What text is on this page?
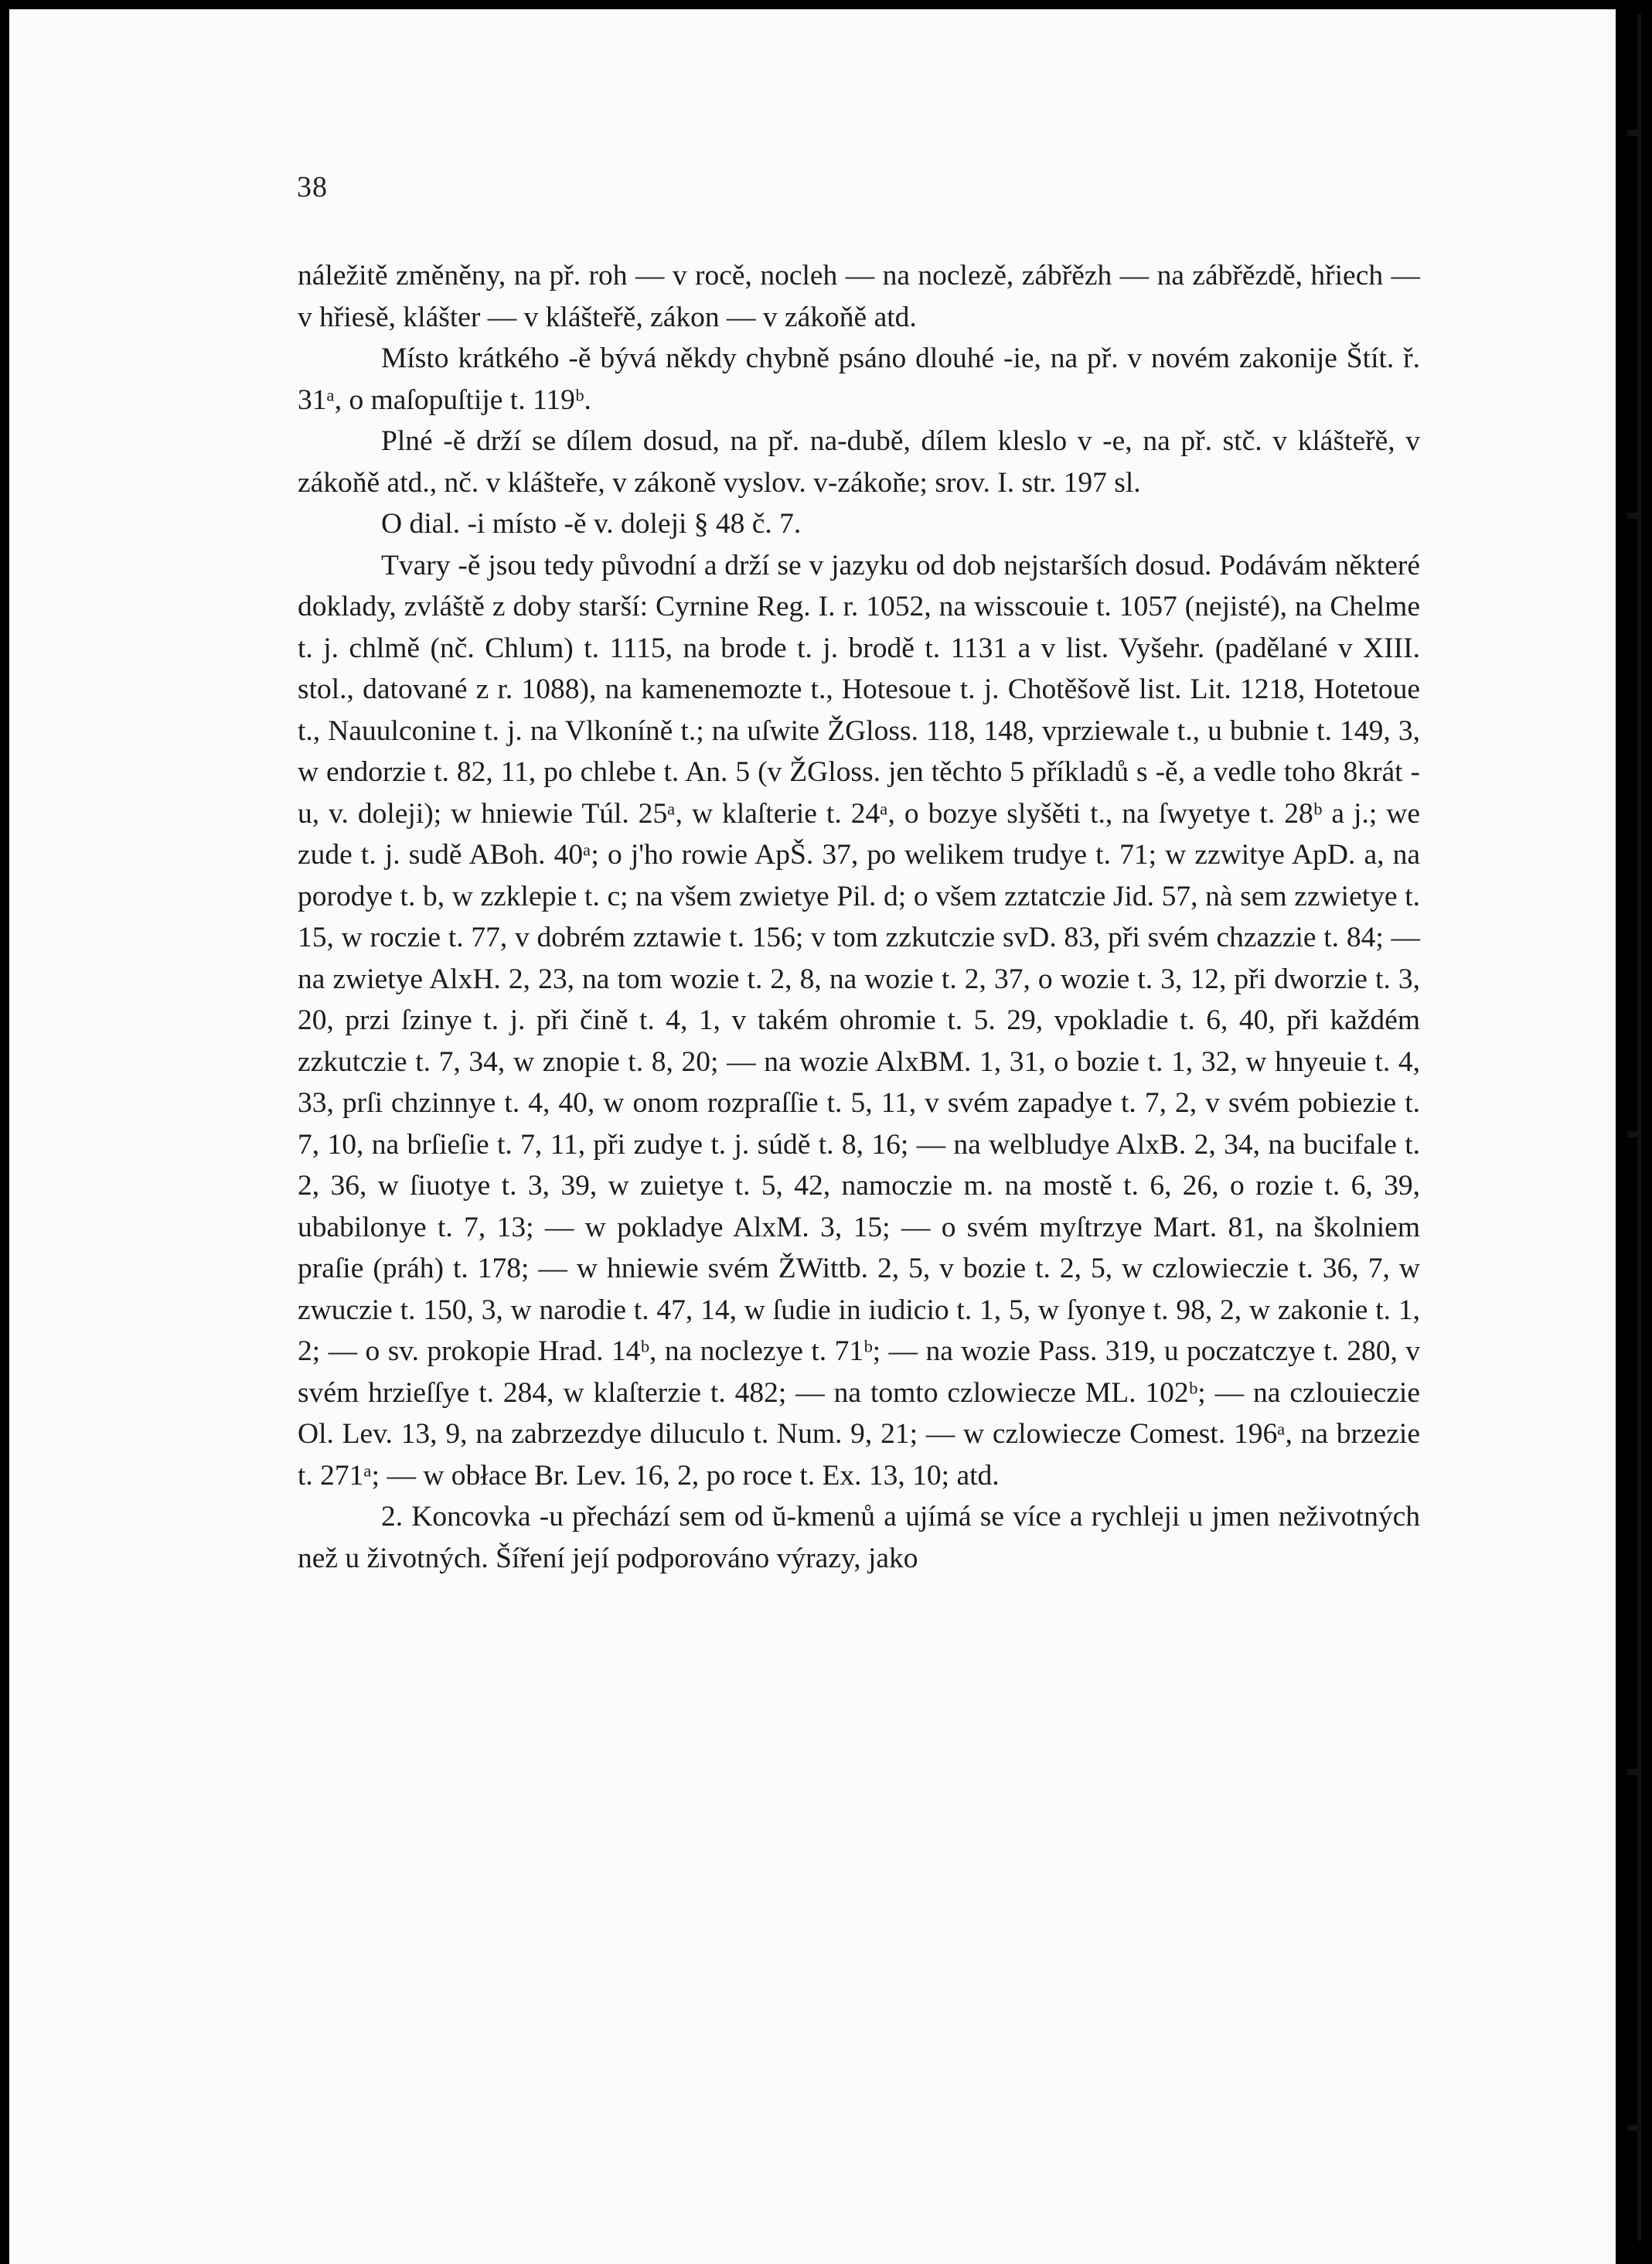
38

náležitě změněny, na př. roh — v rocě, nocleh — na noclezě, zábřězh — na zábřězdě, hřiech — v hřiesě, klášter — v klášteřě, zákon — v zákoňě atd.

Místo krátkého -ě bývá někdy chybně psáno dlouhé -ie, na př. v novém zakonije Štít. ř. 31ᵃ, o maſopuſtije t. 119ᵇ.

Plné -ě drží se dílem dosud, na př. na-dubě, dílem kleslo v -e, na př. stč. v klášteřě, v zákoňě atd., nč. v klášteře, v zákoně vyslov. v-zákoňe; srov. I. str. 197 sl.

O dial. -i místo -ě v. doleji § 48 č. 7.

Tvary -ě jsou tedy původní a drží se v jazyku od dob nejstarších dosud. Podávám některé doklady, zvláště z doby starší: Cyrnine Reg. I. r. 1052, na wisscouie t. 1057 (nejisté), na Chelme t. j. chlmě (nč. Chlum) t. 1115, na brode t. j. brodě t. 1131 a v list. Vyšehr. (padělané v XIII. stol., datované z r. 1088), na kamenemozte t., Hotesoue t. j. Chotěšově list. Lit. 1218, Hotetoue t., Nauulconine t. j. na Vlkoníně t.; na uſwite ŽGloss. 118, 148, vprziewale t., u bubnie t. 149, 3, w endorzie t. 82, 11, po chlebe t. An. 5 (v ŽGloss. jen těchto 5 příkladů s -ě, a vedle toho 8krát -u, v. doleji); w hniewie Túl. 25ᵃ, w klaſterie t. 24ᵃ, o bozye slyšěti t., na ſwyetye t. 28ᵇ a j.; we zude t. j. sudě ABoh. 40ᵃ; o j'ho rowie ApŠ. 37, po welikem trudye t. 71; w zzwitye ApD. a, na porodye t. b, w zzklepie t. c; na všem zwietye Pil. d; o všem zztatczie Jid. 57, nà sem zzwietye t. 15, w roczie t. 77, v dobrém zztawie t. 156; v tom zzkutczie svD. 83, při svém chzazzie t. 84; — na zwietye AlxH. 2, 23, na tom wozie t. 2, 8, na wozie t. 2, 37, o wozie t. 3, 12, při dworzie t. 3, 20, przi ſzinye t. j. při čině t. 4, 1, v takém ohromie t. 5. 29, vpokladie t. 6, 40, při každém zzkutczie t. 7, 34, w znopie t. 8, 20; — na wozie AlxBM. 1, 31, o bozie t. 1, 32, w hnyeuie t. 4, 33, prſi chzinnye t. 4, 40, w onom rozpraſſie t. 5, 11, v svém zapadye t. 7, 2, v svém pobiezie t. 7, 10, na brſieſie t. 7, 11, při zudye t. j. súdě t. 8, 16; — na welbludye AlxB. 2, 34, na bucifale t. 2, 36, w ſiuotye t. 3, 39, w zuietye t. 5, 42, namoczie m. na mostě t. 6, 26, o rozie t. 6, 39, ubabilonye t. 7, 13; — w pokladye AlxM. 3, 15; — o svém myſtrzye Mart. 81, na školniem praſie (práh) t. 178; — w hniewie svém ŽWittb. 2, 5, v bozie t. 2, 5, w czlowieczie t. 36, 7, w zwuczie t. 150, 3, w narodie t. 47, 14, w ſudie in iudicio t. 1, 5, w ſyonye t. 98, 2, w zakonie t. 1, 2; — o sv. prokopie Hrad. 14ᵇ, na noclezye t. 71ᵇ; — na wozie Pass. 319, u poczatczye t. 280, v svém hrzieſſye t. 284, w klaſterzie t. 482; — na tomto czlowiecze ML. 102ᵇ; — na czlouieczie Ol. Lev. 13, 9, na zabrzezdye diluculo t. Num. 9, 21; — w czlowiecze Comest. 196ᵃ, na brzezie t. 271ᵃ; — w obłace Br. Lev. 16, 2, po roce t. Ex. 13, 10; atd.

2. Koncovka -u přechází sem od ŭ-kmenů a ujímá se více a rychleji u jmen neživotných než u životných. Šíření její podporováno výrazy, jako
